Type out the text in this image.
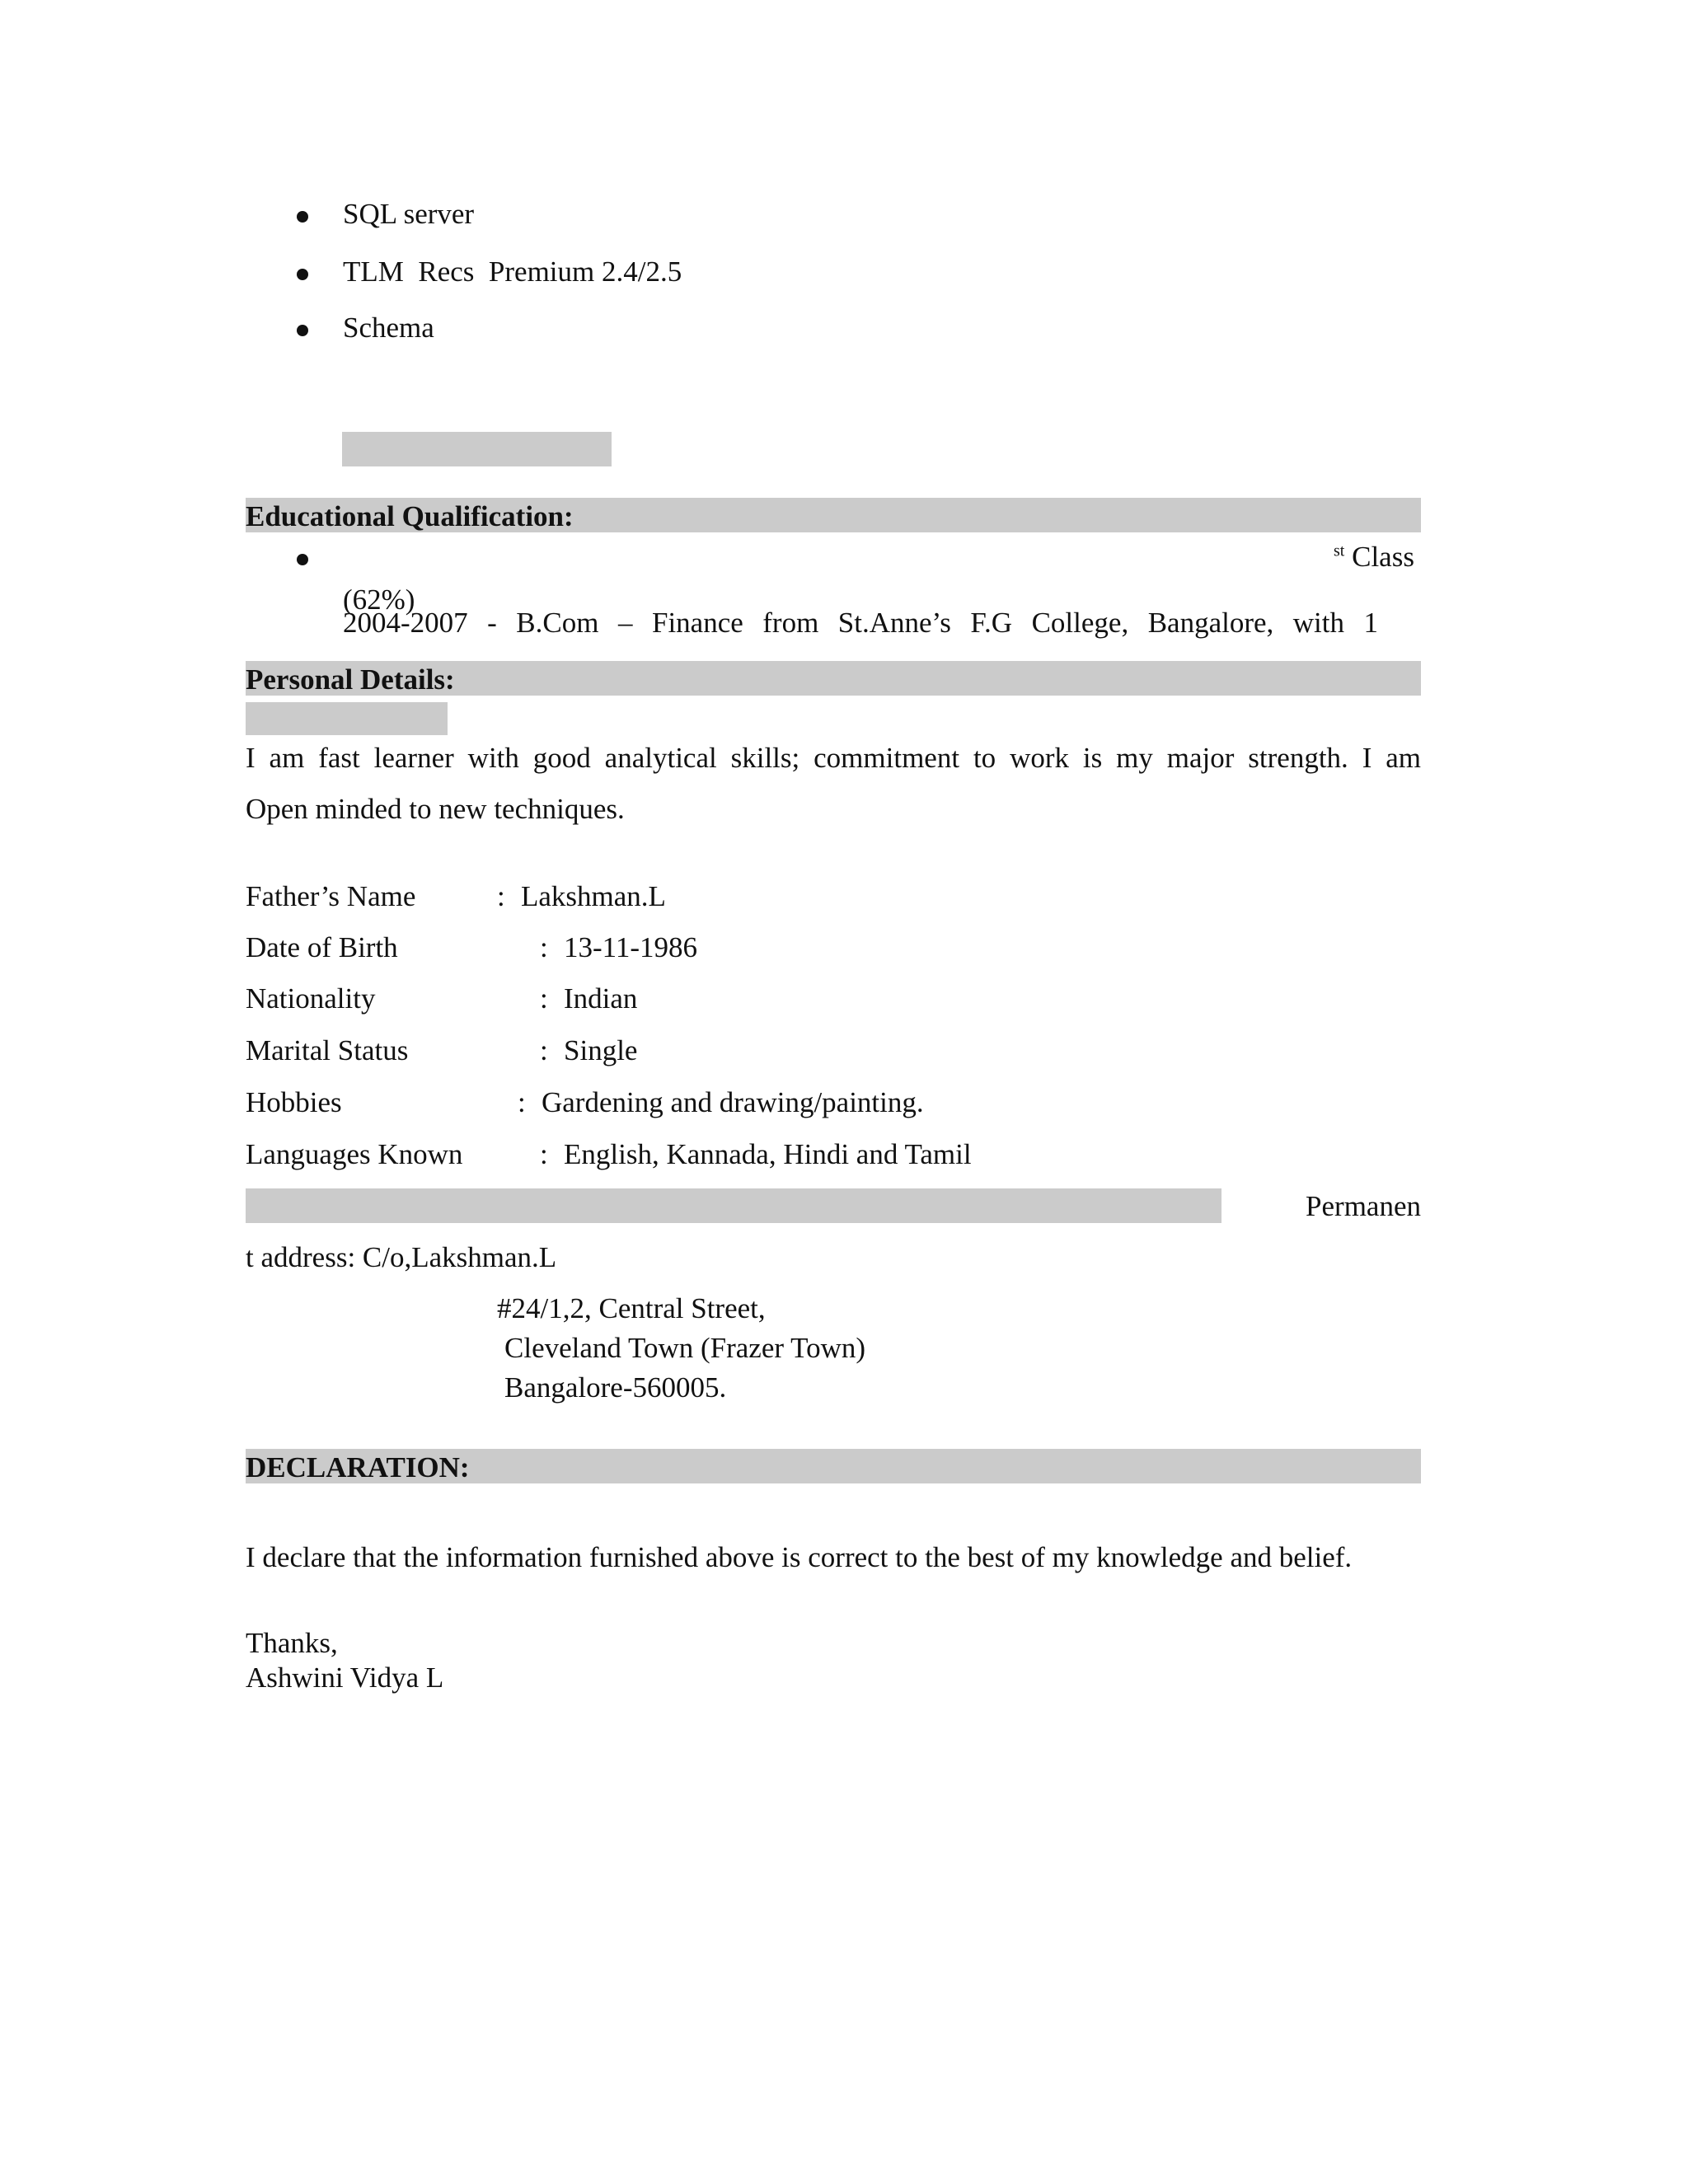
SQL server
TLM  Recs  Premium 2.4/2.5
Schema
Educational Qualification:

2004-2007  -  B.Com  –  Finance  from  St.Anne’s  F.G  College,  Bangalore,  with  1

$^{st}$ Class
(62%)
Personal Details:
I am fast learner with good analytical skills; commitment to work is my major strength. I am
Open minded to new techniques.
Father’s Name	: Lakshman.L
Date of Birth	: 13-11-1986
Nationality	: Indian
Marital Status	: Single
Hobbies	: Gardening and drawing/painting.
Languages Known	: English, Kannada, Hindi and Tamil
Permanen
t address: C/o,Lakshman.L
#24/1,2, Central Street,
Cleveland Town (Frazer Town)
Bangalore-560005.
DECLARATION:
I declare that the information furnished above is correct to the best of my knowledge and belief.
Thanks,
Ashwini Vidya L
